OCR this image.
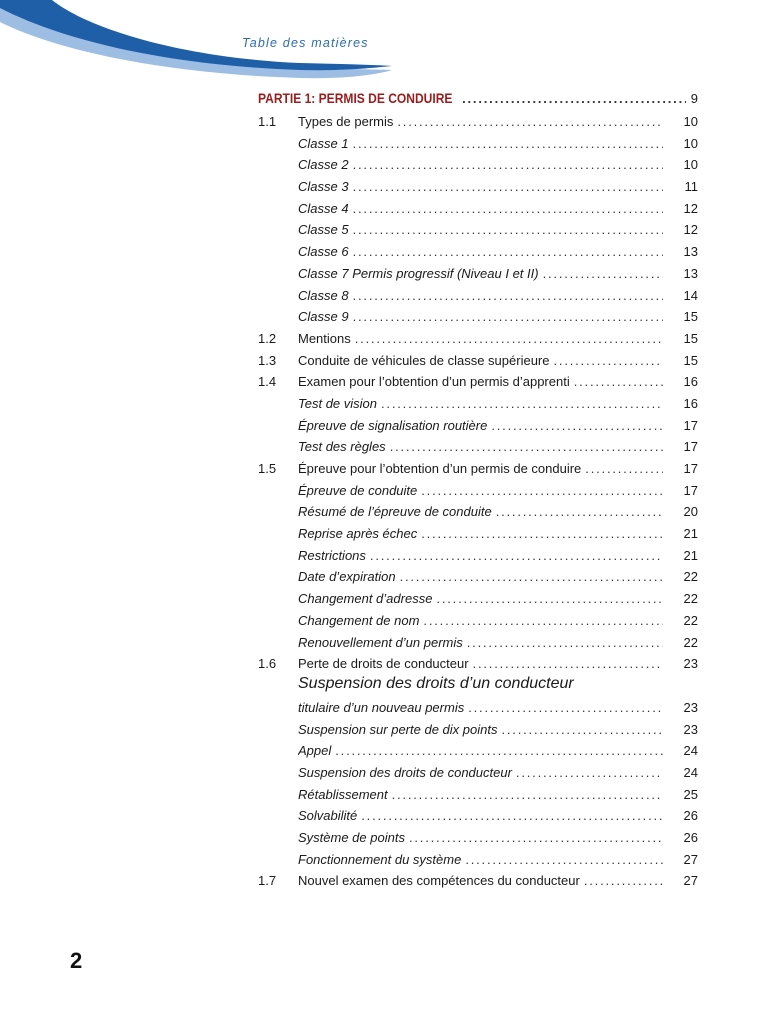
Table des matières
PARTIE 1: PERMIS DE CONDUIRE .....	9
1.1 Types de permis .....	10
Classe 1 .....	10
Classe 2 .....	10
Classe 3 .....	11
Classe 4 .....	12
Classe 5 .....	12
Classe 6 .....	13
Classe 7 Permis progressif (Niveau I et II) .....	13
Classe 8 .....	14
Classe 9 .....	15
1.2 Mentions .....	15
1.3 Conduite de véhicules de classe supérieure .....	15
1.4 Examen pour l’obtention d’un permis d’apprenti .....	16
Test de vision .....	16
Épreuve de signalisation routière .....	17
Test des règles .....	17
1.5 Épreuve pour l’obtention d’un permis de conduire .....	17
Épreuve de conduite .....	17
Résumé de l’épreuve de conduite .....	20
Reprise après échec .....	21
Restrictions .....	21
Date d’expiration .....	22
Changement d’adresse .....	22
Changement de nom .....	22
Renouvellement d’un permis .....	22
1.6 Perte de droits de conducteur .....	23
Suspension des droits d’un conducteur
titulaire d’un nouveau permis .....	23
Suspension sur perte de dix points .....	23
Appel .....	24
Suspension des droits de conducteur .....	24
Rétablissement .....	25
Solvabilité .....	26
Système de points .....	26
Fonctionnement du système .....	27
1.7 Nouvel examen des compétences du conducteur .....	27
2
